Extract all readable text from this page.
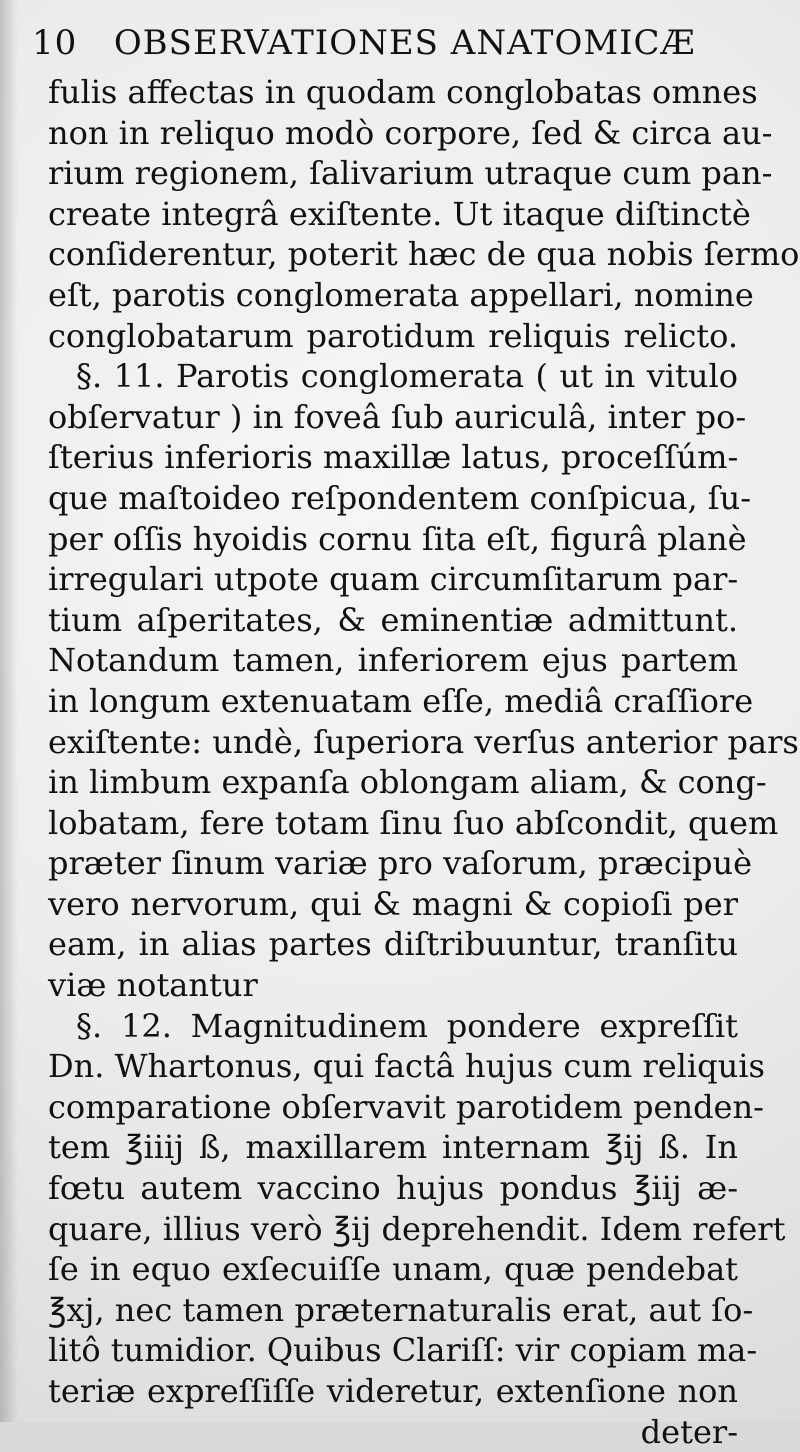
10 OBSERVATIONES ANATOMICÆ
fulis affectas in quodam conglobatas omnes
non in reliquo modò corpore, ſed & circa au-
rium regionem, ſalivarium utraque cum pan-
create integrâ exiſtente. Ut itaque diſtinctè
conſiderentur, poterit hæc de qua nobis ſermo
eſt, parotis conglomerata appellari, nomine
conglobatarum parotidum reliquis relicto.
§. 11. Parotis conglomerata ( ut in vitulo
obſervatur ) in foveâ ſub auriculâ, inter po-
ſterius inferioris maxillæ latus, proceſſúm-
que maſtoideo reſpondentem conſpicua, ſu-
per oſſis hyoidis cornu ſita eſt, figurâ planè
irregulari utpote quam circumſitarum par-
tium aſperitates, & eminentiæ admittunt.
Notandum tamen, inferiorem ejus partem
in longum extenuatam eſſe, mediâ craſſiore
exiſtente: undè, ſuperiora verſus anterior pars
in limbum expanſa oblongam aliam, & cong-
lobatam, fere totam ſinu ſuo abſcondit, quem
præter ſinum variæ pro vaſorum, præcipuè
vero nervorum, qui & magni & copioſi per
eam, in alias partes diſtribuuntur, tranſitu
viæ notantur
§. 12. Magnitudinem pondere expreſſit
Dn. Whartonus, qui factâ hujus cum reliquis
comparatione obſervavit parotidem penden-
tem ℥iiij ß, maxillarem internam ℥ij ß. In
fœtu autem vaccino hujus pondus ℥iij æ-
quare, illius verò ℥ij deprehendit. Idem refert
ſe in equo exſecuiſſe unam, quæ pendebat
℥xj, nec tamen præternaturalis erat, aut ſo-
litô tumidior. Quibus Clariſſ: vir copiam ma-
teriæ expreſſiſſe videretur, extenſione non
deter-
